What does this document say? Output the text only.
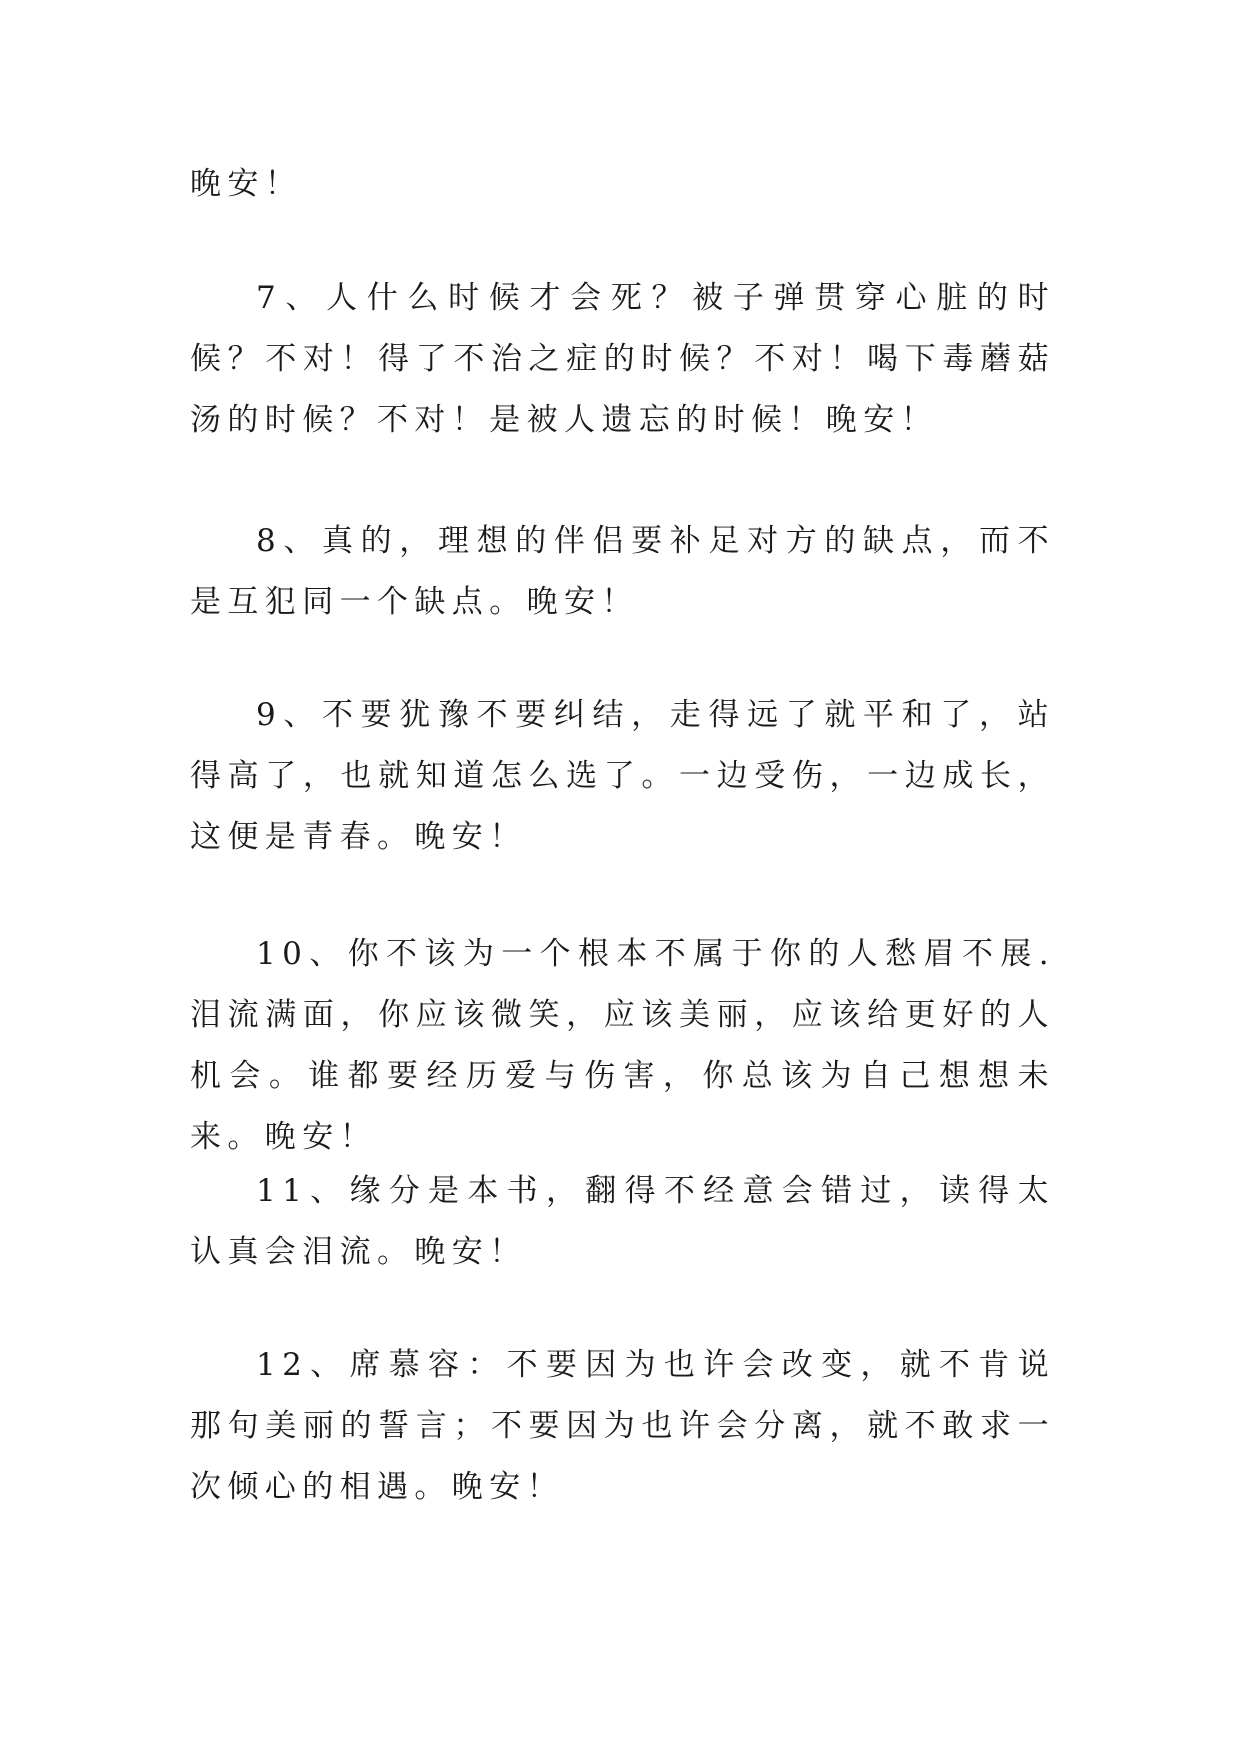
晚安！

7、人什么时候才会死？被子弹贯穿心脏的时候？不对！得了不治之症的时候？不对！喝下毒蘑菇汤的时候？不对！是被人遗忘的时候！晚安！

8、真的，理想的伴侣要补足对方的缺点，而不是互犯同一个缺点。晚安！

9、不要犹豫不要纠结，走得远了就平和了，站得高了，也就知道怎么选了。一边受伤，一边成长，这便是青春。晚安！

10、你不该为一个根本不属于你的人愁眉不展.泪流满面，你应该微笑，应该美丽，应该给更好的人机会。谁都要经历爱与伤害，你总该为自己想想未来。晚安！

11、缘分是本书，翻得不经意会错过，读得太认真会泪流。晚安！

12、席慕容：不要因为也许会改变，就不肯说那句美丽的誓言；不要因为也许会分离，就不敢求一次倾心的相遇。晚安！
